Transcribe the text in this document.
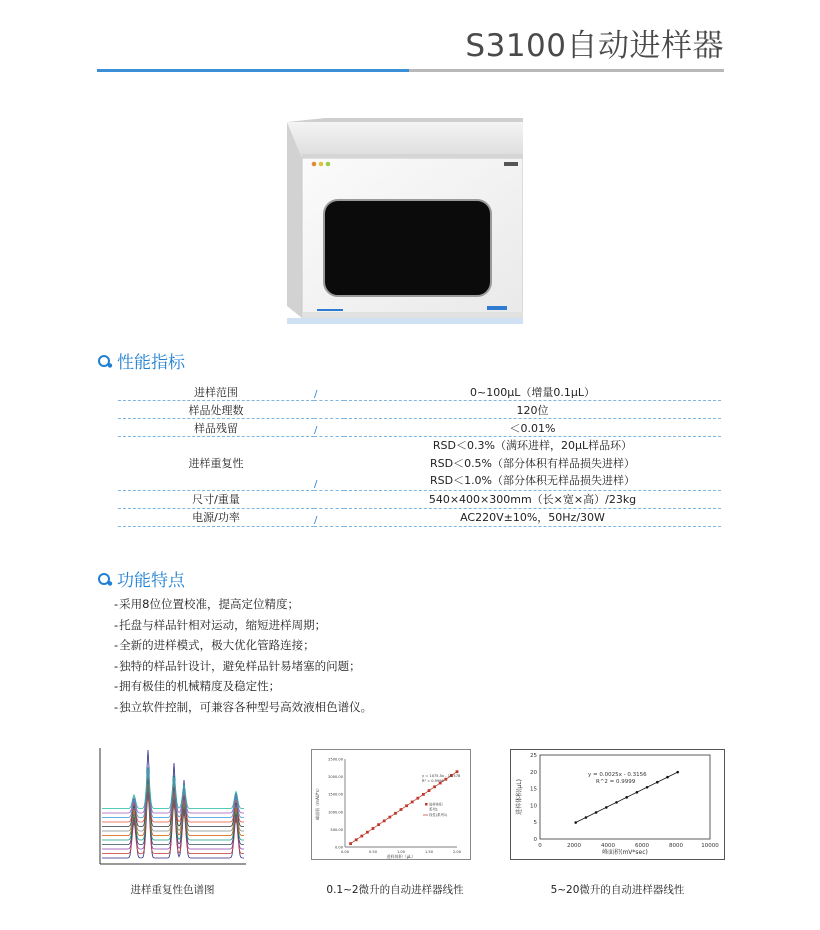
S3100自动进样器
性能指标
进样范围	/	0~100μL（增量0.1μL）
样品处理数		120位
样品残留	/	＜0.01%
进样重复性	/	RSD＜0.3%（满环进样，20μL样品环）
RSD＜0.5%（部分体积有样品损失进样）
RSD＜1.0%（部分体积无样品损失进样）

尺寸/重量		540×400×300mm（长×宽×高）/23kg
电源/功率	/	AC220V±10%，50Hz/30W
功能特点
- 采用8位位置校准，提高定位精度；
- 托盘与样品针相对运动，缩短进样周期；
- 全新的进样模式，极大优化管路连接；
- 独特的样品针设计，避免样品针易堵塞的问题；
- 拥有极佳的机械精度及稳定性；
- 独立软件控制，可兼容各种型号高效液相色谱仪。
进样重复性色谱图
0.00
500.00
1000.00
1500.00
2000.00
2500.00
0.00	0.50	1.00	1.50	2.00
进样体积（μL）
峰面积（mAU*s）
y = 1075.5x - 10.578
R² = 0.9998
进样体积
系列1
线性(系列1)
0.1~2微升的自动进样器线性
0
5
10
15
20
25
0	2000	4000	6000	8000	10000
峰面积(mV*sec)
进样体积(μL)
y = 0.0025x - 0.3156
R^2 = 0.9999
5~20微升的自动进样器线性
